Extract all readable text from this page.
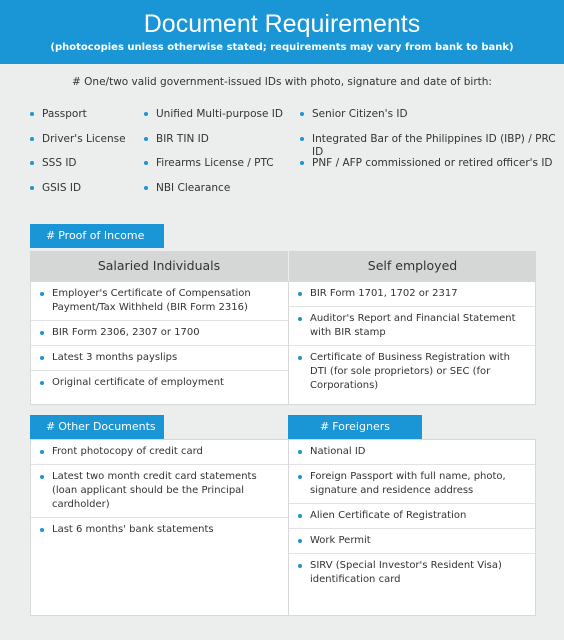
Document Requirements
(photocopies unless otherwise stated; requirements may vary from bank to bank)
# One/two valid government-issued IDs with photo, signature and date of birth:
Passport
Driver's License
SSS ID
GSIS ID
Unified Multi-purpose ID
BIR TIN ID
Firearms License / PTC
NBI Clearance
Senior Citizen's ID
Integrated Bar of the Philippines ID (IBP) / PRC ID
PNF / AFP commissioned or retired officer's ID
# Proof of Income
Salaried Individuals	Self employed
Employer's Certificate of Compensation Payment/Tax Withheld (BIR Form 2316)
BIR Form 2306, 2307 or 1700
Latest 3 months payslips
Original certificate of employment
BIR Form 1701, 1702 or 2317
Auditor's Report and Financial Statement with BIR stamp
Certificate of Business Registration with DTI (for sole proprietors) or SEC (for Corporations)
# Other Documents
Front photocopy of credit card
Latest two month credit card statements (loan applicant should be the Principal cardholder)
Last 6 months' bank statements
# Foreigners
National ID
Foreign Passport with full name, photo, signature and residence address
Alien Certificate of Registration
Work Permit
SIRV (Special Investor's Resident Visa) identification card
